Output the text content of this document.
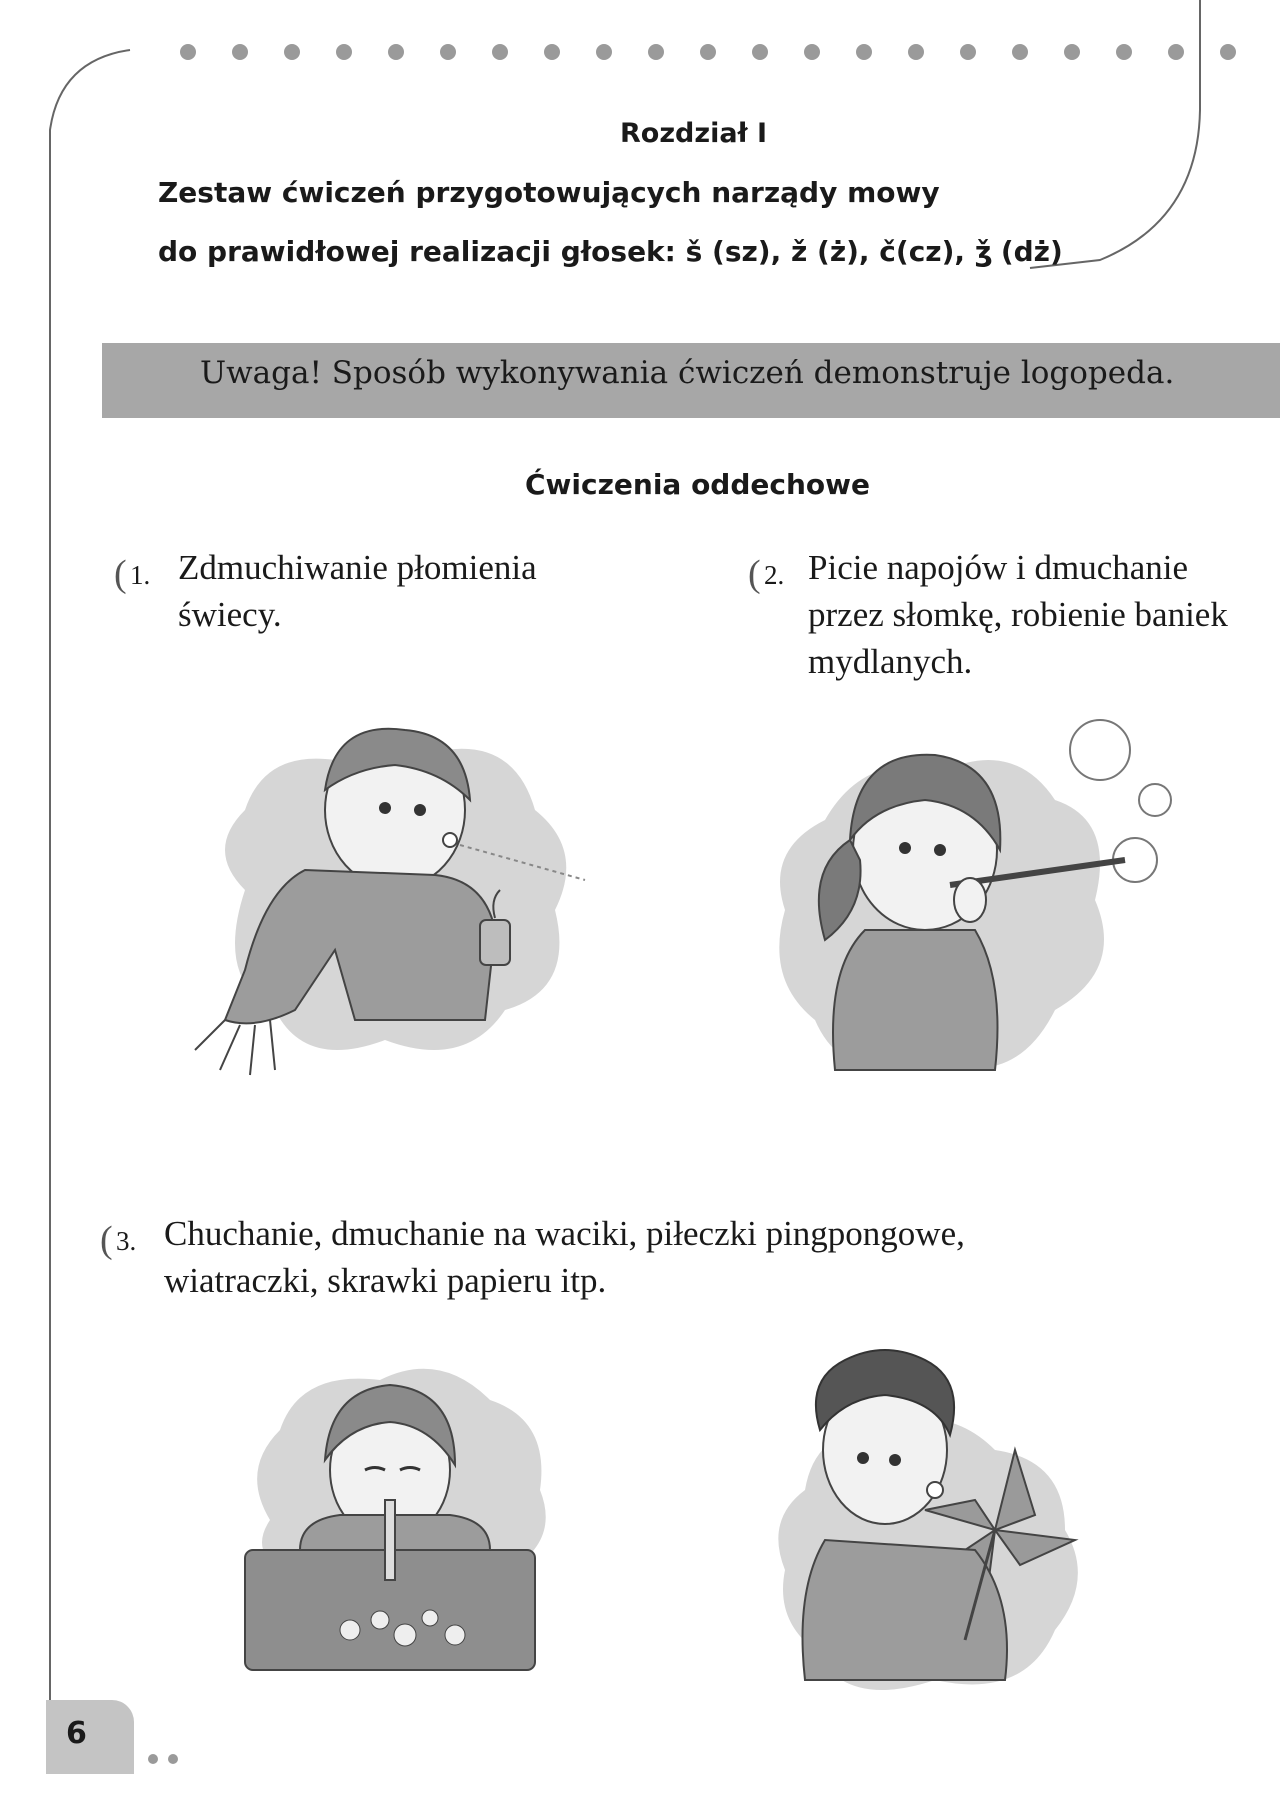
Rozdział I
Zestaw ćwiczeń przygotowujących narządy mowy
do prawidłowej realizacji głosek: š (sz), ž (ż), č(cz), ǯ (dż)
Uwaga! Sposób wykonywania ćwiczeń demonstruje logopeda.
Ćwiczenia oddechowe
( 1. Zdmuchiwanie płomienia
świecy.
( 2. Picie napojów i dmuchanie
przez słomkę, robienie baniek
mydlanych.
( 3. Chuchanie, dmuchanie na waciki, piłeczki pingpongowe,
wiatraczki, skrawki papieru itp.
6
